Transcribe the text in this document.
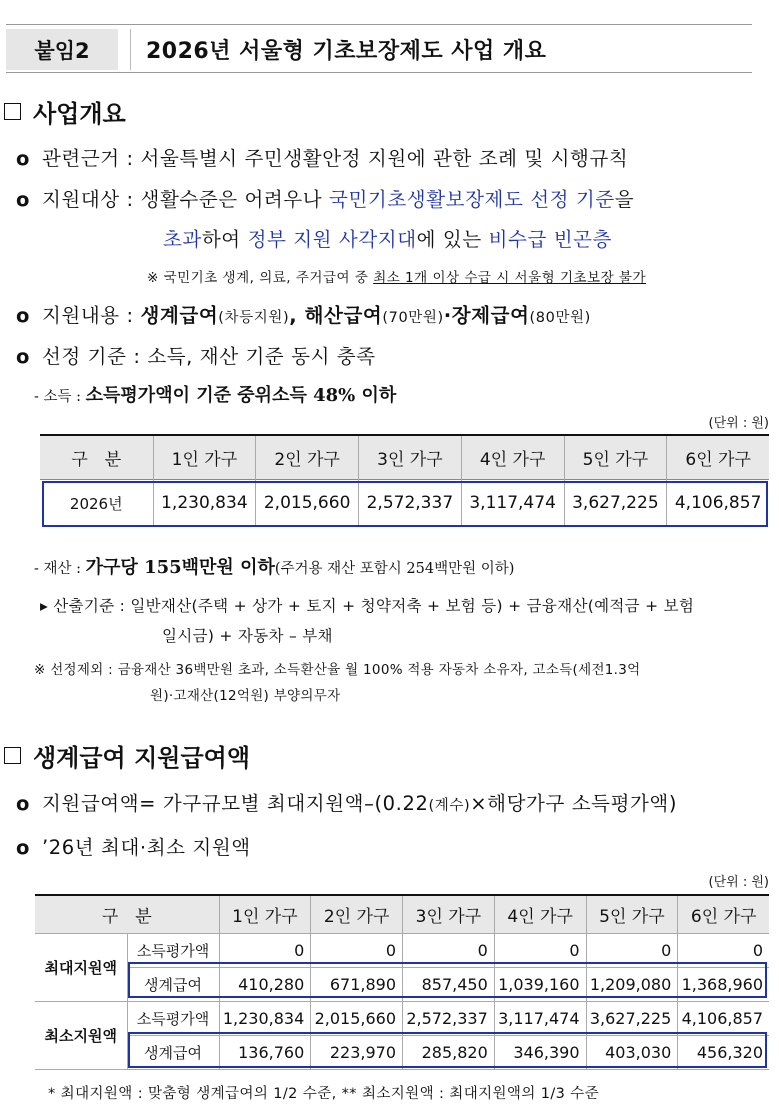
붙임2	2026년 서울형 기초보장제도 사업 개요
사업개요
ο 관련근거 : 서울특별시 주민생활안정 지원에 관한 조례 및 시행규칙
ο 지원대상 : 생활수준은 어려우나 국민기초생활보장제도 선정 기준을
초과하여 정부 지원 사각지대에 있는 비수급 빈곤층
※ 국민기초 생계, 의료, 주거급여 중 최소 1개 이상 수급 시 서울형 기초보장 불가
ο 지원내용 : 생계급여(차등지원), 해산급여(70만원)·장제급여(80만원)
ο 선정 기준 : 소득, 재산 기준 동시 충족
- 소득 : 소득평가액이 기준 중위소득 48% 이하
(단위 : 원)
구　분	1인 가구	2인 가구	3인 가구	4인 가구	5인 가구	6인 가구
2026년	1,230,834	2,015,660	2,572,337	3,117,474	3,627,225	4,106,857
- 재산 : 가구당 155백만원 이하(주거용 재산 포함시 254백만원 이하)
▸ 산출기준 : 일반재산(주택 + 상가 + 토지 + 청약저축 + 보험 등) + 금융재산(예적금 + 보험
일시금) + 자동차 – 부채
※ 선정제외 : 금융재산 36백만원 초과, 소득환산율 월 100% 적용 자동차 소유자, 고소득(세전1.3억
원)·고재산(12억원) 부양의무자
생계급여 지원급여액
ο 지원급여액= 가구규모별 최대지원액–(0.22(계수)×해당가구 소득평가액)
ο ’26년 최대·최소 지원액
(단위 : 원)
구　분		1인 가구	2인 가구	3인 가구	4인 가구	5인 가구	6인 가구
최대지원액	소득평가액	0	0	0	0	0	0
	생계급여	410,280	671,890	857,450	1,039,160	1,209,080	1,368,960
최소지원액	소득평가액	1,230,834	2,015,660	2,572,337	3,117,474	3,627,225	4,106,857
	생계급여	136,760	223,970	285,820	346,390	403,030	456,320
* 최대지원액 : 맞춤형 생계급여의 1/2 수준, ** 최소지원액 : 최대지원액의 1/3 수준
